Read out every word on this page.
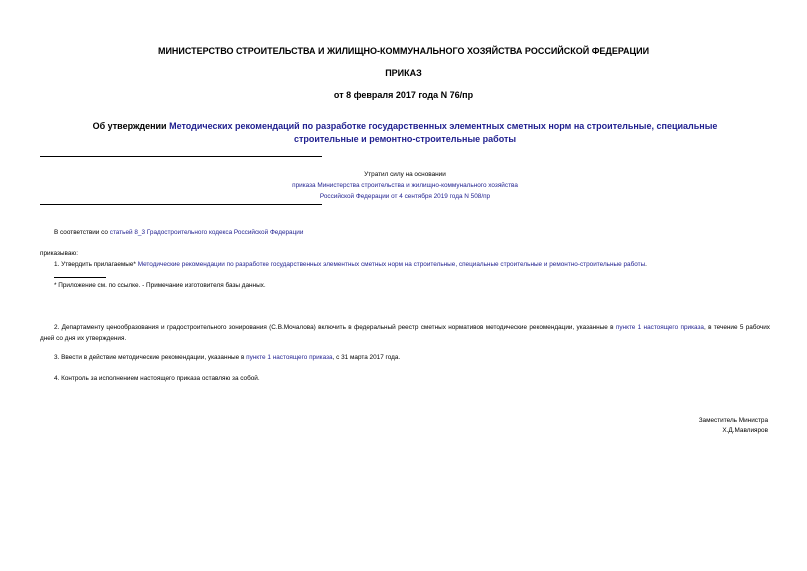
МИНИСТЕРСТВО СТРОИТЕЛЬСТВА И ЖИЛИЩНО-КОММУНАЛЬНОГО ХОЗЯЙСТВА РОССИЙСКОЙ ФЕДЕРАЦИИ

ПРИКАЗ

от 8 февраля 2017 года N 76/пр

Об утверждении Методических рекомендаций по разработке государственных элементных сметных норм на строительные, специальные строительные и ремонтно-строительные работы

Утратил силу на основании
приказа Министерства строительства и жилищно-коммунального хозяйства
Российской Федерации от 4 сентября 2019 года N 508/пр

В соответствии со статьей 8_3 Градостроительного кодекса Российской Федерации

приказываю:

1. Утвердить прилагаемые* Методические рекомендации по разработке государственных элементных сметных норм на строительные, специальные строительные и ремонтно-строительные работы.

* Приложение см. по ссылке. - Примечание изготовителя базы данных.

2. Департаменту ценообразования и градостроительного зонирования (С.В.Мочалова) включить в федеральный реестр сметных нормативов методические рекомендации, указанные в пункте 1 настоящего приказа, в течение 5 рабочих дней со дня их утверждения.

3. Ввести в действие методические рекомендации, указанные в пункте 1 настоящего приказа, с 31 марта 2017 года.

4. Контроль за исполнением настоящего приказа оставляю за собой.

Заместитель Министра
Х.Д.Мавлияров
